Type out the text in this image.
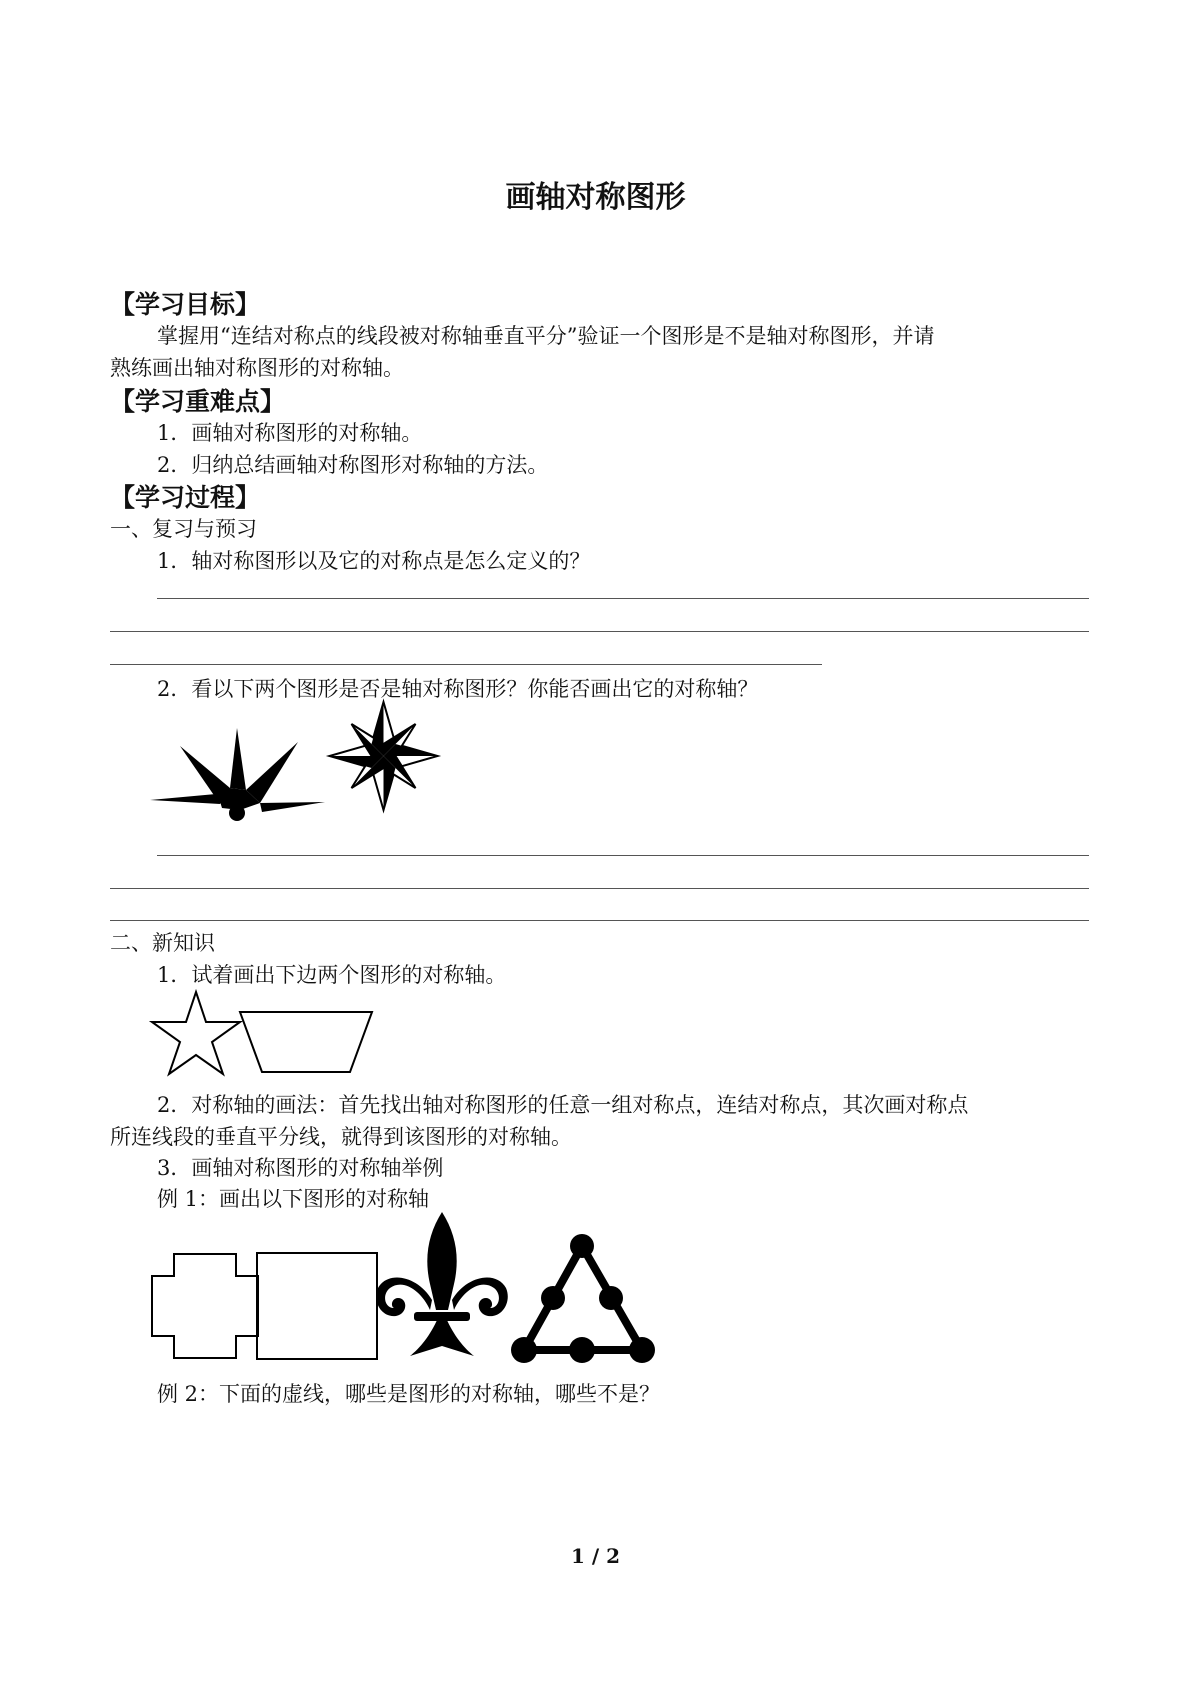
画轴对称图形
【学习目标】
掌握用“连结对称点的线段被对称轴垂直平分”验证一个图形是不是轴对称图形，并请
熟练画出轴对称图形的对称轴。
【学习重难点】
1．画轴对称图形的对称轴。
2．归纳总结画轴对称图形对称轴的方法。
【学习过程】
一、复习与预习
1．轴对称图形以及它的对称点是怎么定义的？
2．看以下两个图形是否是轴对称图形？你能否画出它的对称轴？
二、新知识
1．试着画出下边两个图形的对称轴。
2．对称轴的画法：首先找出轴对称图形的任意一组对称点，连结对称点，其次画对称点
所连线段的垂直平分线，就得到该图形的对称轴。
3．画轴对称图形的对称轴举例
例 1：画出以下图形的对称轴
例 2：下面的虚线，哪些是图形的对称轴，哪些不是？
1 / 2
